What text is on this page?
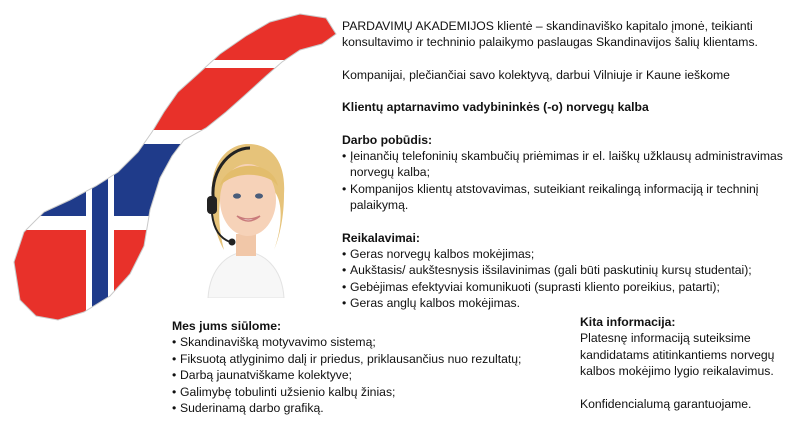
PARDAVIMŲ AKADEMIJOS klientė – skandinaviško kapitalo įmonė, teikianti konsultavimo ir techninio palaikymo paslaugas Skandinavijos šalių klientams.

Kompanijai, plečiančiai savo kolektyvą, darbui Vilniuje ir Kaune ieškome

Klientų aptarnavimo vadybininkės (-o) norvegų kalba

Darbo pobūdis:

• Įeinančių telefoninių skambučių priėmimas ir el. laiškų užklausų administravimas norvegų kalba;
• Kompanijos klientų atstovavimas, suteikiant reikalingą informaciją ir techninį palaikymą.

Reikalavimai:

• Geras norvegų kalbos mokėjimas;
• Aukštasis/ aukštesnysis išsilavinimas (gali būti paskutinių kursų studentai);
• Gebėjimas efektyviai komunikuoti (suprasti kliento poreikius, patarti);
• Geras anglų kalbos mokėjimas.

Mes jums siūlome:

• Skandinavišką motyvavimo sistemą;
• Fiksuotą atlyginimo dalį ir priedus, priklausančius nuo rezultatų;
• Darbą jaunatviškame kolektyve;
• Galimybę tobulinti užsienio kalbų žinias;
• Suderinamą darbo grafiką.

Kita informacija:

Platesnę informaciją suteiksime kandidatams atitinkantiems norvegų kalbos mokėjimo lygio reikalavimus.

Konfidencialumą garantuojame.
